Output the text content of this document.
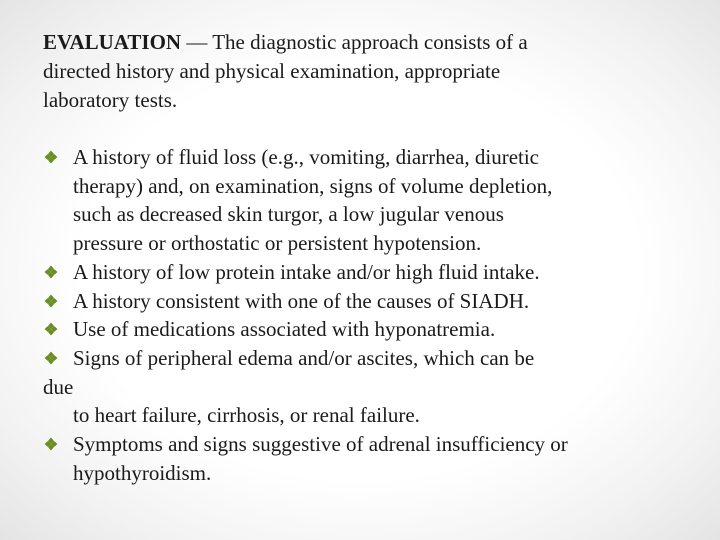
EVALUATION — The diagnostic approach consists of a
directed history and physical examination, appropriate
laboratory tests.
A history of fluid loss (e.g., vomiting, diarrhea, diuretic
therapy) and, on examination, signs of volume depletion,
such as decreased skin turgor, a low jugular venous
pressure or orthostatic or persistent hypotension.
A history of low protein intake and/or high fluid intake.
A history consistent with one of the causes of SIADH.
Use of medications associated with hyponatremia.
Signs of peripheral edema and/or ascites, which can be
due
to heart failure, cirrhosis, or renal failure.
Symptoms and signs suggestive of adrenal insufficiency or
hypothyroidism.
